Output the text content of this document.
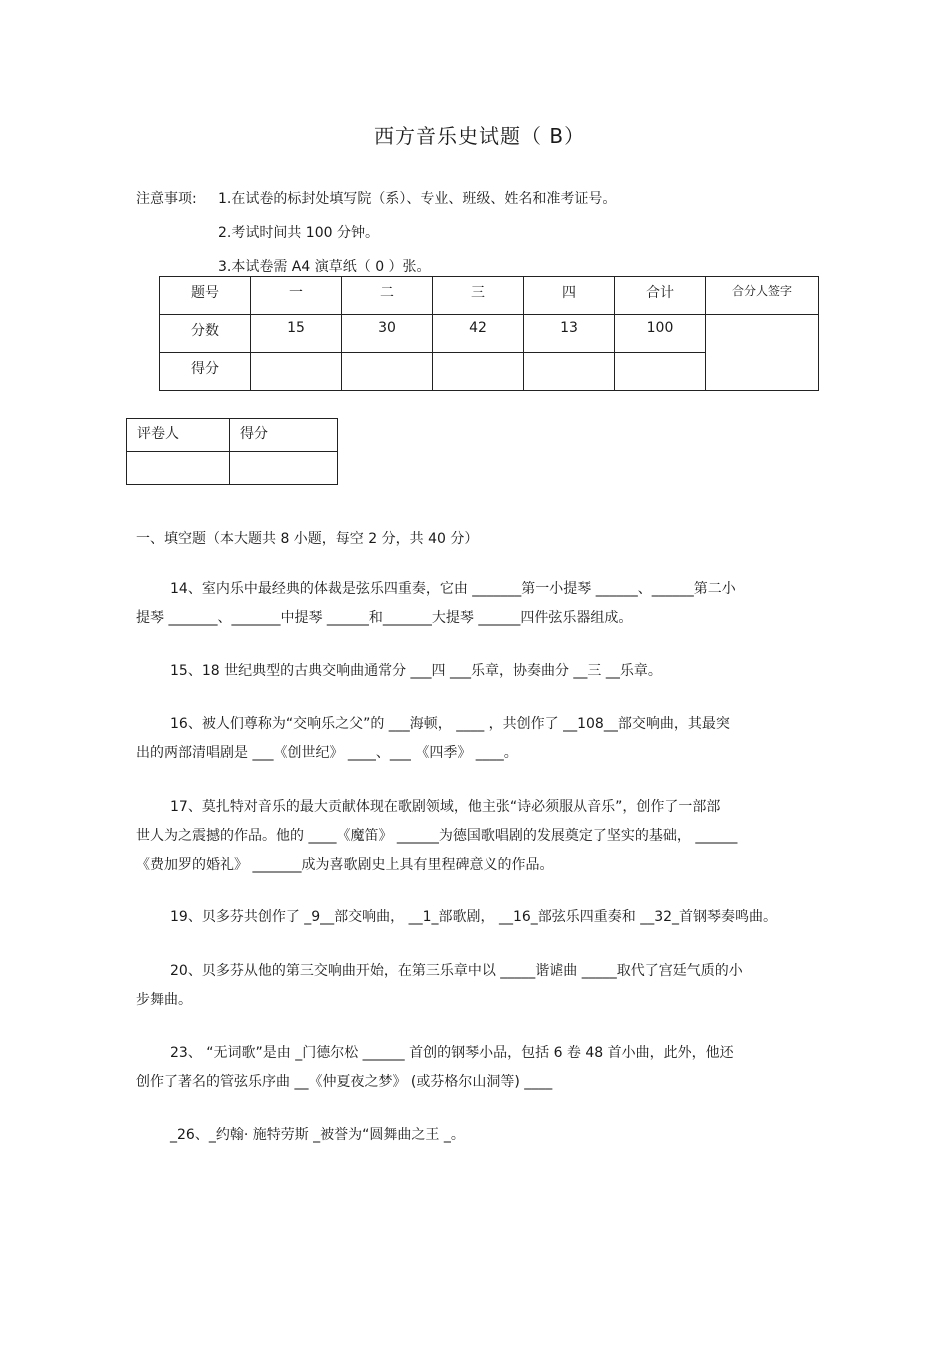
西方音乐史试题（ B）
注意事项: 1.在试卷的标封处填写院（系）、专业、班级、姓名和准考证号。
2.考试时间共 100 分钟。
3.本试卷需 A4 演草纸（ 0 ）张。
题号	一	二	三	四	合计	合分人签字
分数	15	30	42	13	100	
得分						
评卷人	得分

一、填空题（本大题共 8 小题，每空 2 分，共 40 分）
14、室内乐中最经典的体裁是弦乐四重奏，它由 _______第一小提琴 ______、______第二小
提琴 _______、_______中提琴 ______和_______大提琴 ______四件弦乐器组成。
15、18 世纪典型的古典交响曲通常分 ___四 ___乐章，协奏曲分 __三 __乐章。
16、被人们尊称为“交响乐之父”的 ___海顿， ____ ，共创作了 __108__部交响曲，其最突
出的两部清唱剧是 ___《创世纪》 ____、___ 《四季》 ____。
17、莫扎特对音乐的最大贡献体现在歌剧领域，他主张“诗必须服从音乐”，创作了一部部
世人为之震撼的作品。他的 ____《魔笛》 ______为德国歌唱剧的发展奠定了坚实的基础， ______
《费加罗的婚礼》 _______成为喜歌剧史上具有里程碑意义的作品。
19、贝多芬共创作了 _9__部交响曲， __1_部歌剧， __16_部弦乐四重奏和 __32_首钢琴奏鸣曲。
20、贝多芬从他的第三交响曲开始，在第三乐章中以 _____谐谑曲 _____取代了宫廷气质的小
步舞曲。
23、 “无词歌”是由 _门德尔松 ______ 首创的钢琴小品，包括 6 卷 48 首小曲，此外，他还
创作了著名的管弦乐序曲 __《仲夏夜之梦》 (或芬格尔山洞等) ____
_26、_约翰· 施特劳斯 _被誉为“圆舞曲之王 _。
